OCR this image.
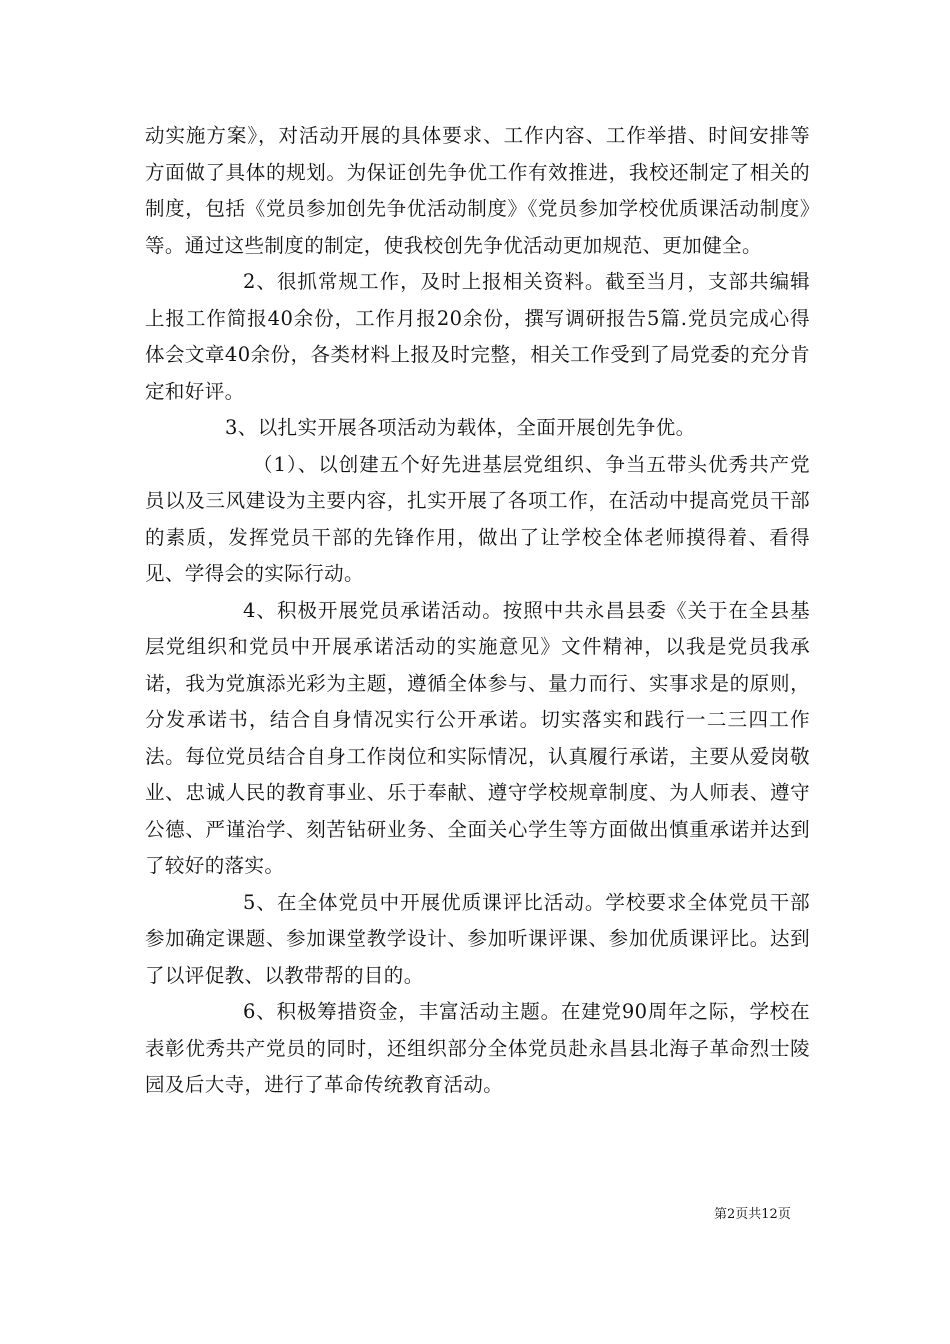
动实施方案》，对活动开展的具体要求、工作内容、工作举措、时间安排等方面做了具体的规划。为保证创先争优工作有效推进，我校还制定了相关的制度，包括《党员参加创先争优活动制度》《党员参加学校优质课活动制度》等。通过这些制度的制定，使我校创先争优活动更加规范、更加健全。

2、很抓常规工作，及时上报相关资料。截至当月，支部共编辑上报工作简报40余份，工作月报20余份，撰写调研报告5篇.党员完成心得体会文章40余份，各类材料上报及时完整，相关工作受到了局党委的充分肯定和好评。

3、以扎实开展各项活动为载体，全面开展创先争优。

（1）、以创建五个好先进基层党组织、争当五带头优秀共产党员以及三风建设为主要内容，扎实开展了各项工作，在活动中提高党员干部的素质，发挥党员干部的先锋作用，做出了让学校全体老师摸得着、看得见、学得会的实际行动。

4、积极开展党员承诺活动。按照中共永昌县委《关于在全县基层党组织和党员中开展承诺活动的实施意见》文件精神，以我是党员我承诺，我为党旗添光彩为主题，遵循全体参与、量力而行、实事求是的原则，分发承诺书，结合自身情况实行公开承诺。切实落实和践行一二三四工作法。每位党员结合自身工作岗位和实际情况，认真履行承诺，主要从爱岗敬业、忠诚人民的教育事业、乐于奉献、遵守学校规章制度、为人师表、遵守公德、严谨治学、刻苦钻研业务、全面关心学生等方面做出慎重承诺并达到了较好的落实。

5、在全体党员中开展优质课评比活动。学校要求全体党员干部参加确定课题、参加课堂教学设计、参加听课评课、参加优质课评比。达到了以评促教、以教带帮的目的。

6、积极筹措资金，丰富活动主题。在建党90周年之际，学校在表彰优秀共产党员的同时，还组织部分全体党员赴永昌县北海子革命烈士陵园及后大寺，进行了革命传统教育活动。

第2页共12页
